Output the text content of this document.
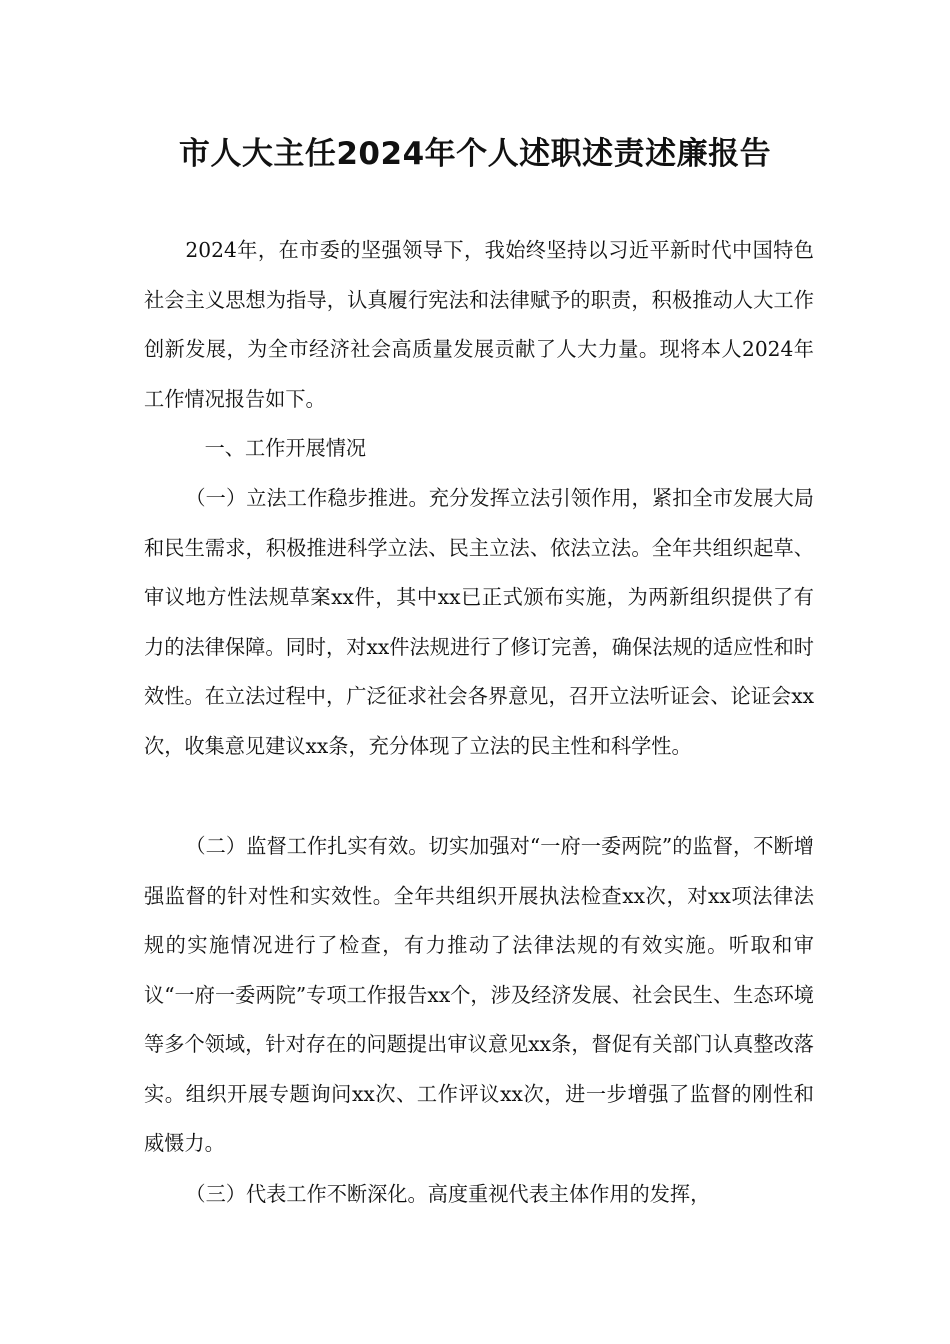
市人大主任2024年个人述职述责述廉报告

2024年，在市委的坚强领导下，我始终坚持以习近平新时代中国特色社会主义思想为指导，认真履行宪法和法律赋予的职责，积极推动人大工作创新发展，为全市经济社会高质量发展贡献了人大力量。现将本人2024年工作情况报告如下。

一、工作开展情况

（一）立法工作稳步推进。充分发挥立法引领作用，紧扣全市发展大局和民生需求，积极推进科学立法、民主立法、依法立法。全年共组织起草、审议地方性法规草案xx件，其中xx已正式颁布实施，为两新组织提供了有力的法律保障。同时，对xx件法规进行了修订完善，确保法规的适应性和时效性。在立法过程中，广泛征求社会各界意见，召开立法听证会、论证会xx次，收集意见建议xx条，充分体现了立法的民主性和科学性。

（二）监督工作扎实有效。切实加强对“一府一委两院”的监督，不断增强监督的针对性和实效性。全年共组织开展执法检查xx次，对xx项法律法规的实施情况进行了检查，有力推动了法律法规的有效实施。听取和审议“一府一委两院”专项工作报告xx个，涉及经济发展、社会民生、生态环境等多个领域，针对存在的问题提出审议意见xx条，督促有关部门认真整改落实。组织开展专题询问xx次、工作评议xx次，进一步增强了监督的刚性和威慑力。

（三）代表工作不断深化。高度重视代表主体作用的发挥，
